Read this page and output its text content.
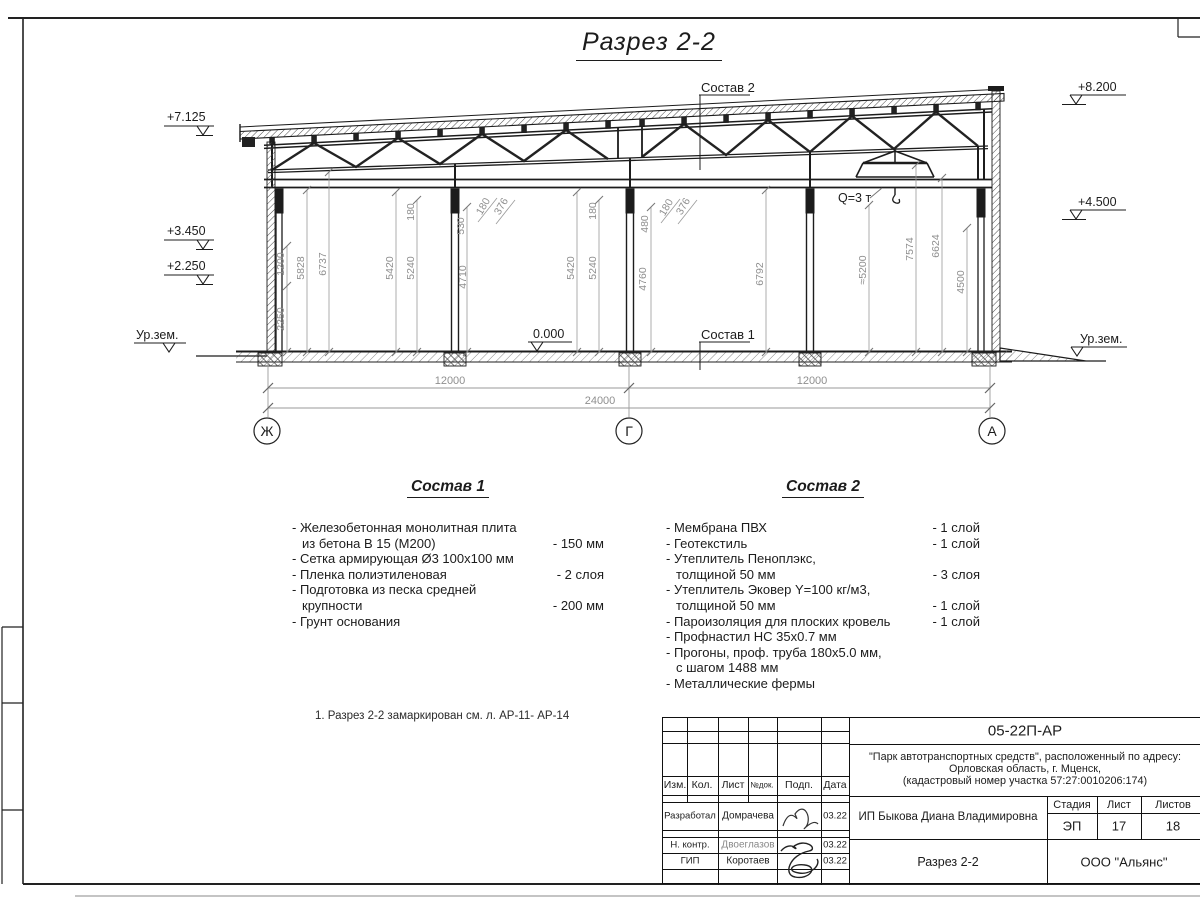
1200
2250
5828 6737	5420 5240
180
530
180
376
4710
180
5420 5240
480
180
376
4760	6792	≈5200
7574 6624
4500
12000	12000
24000
Ж	Г	А
Разрез 2-2
+7.125
+3.450
+2.250
Ур.зем.	0.000
+8.200
+4.500
Ур.зем.
Состав 2
Состав 1
Q=3 т
Состав 1
- Железобетонная монолитная плита
из бетона В 15 (М200)	- 150 мм
- Сетка армирующая Ø3 100х100 мм
- Пленка полиэтиленовая	- 2 слоя
- Подготовка из песка средней
крупности	- 200 мм
- Грунт основания
Состав 2
- Мембрана ПВХ	- 1 слой
- Геотекстиль	- 1 слой
- Утеплитель Пеноплэкс,
толщиной 50 мм	- 3 слоя
- Утеплитель Эковер Y=100 кг/м3,
толщиной 50 мм	- 1 слой
- Пароизоляция для плоских кровель	- 1 слой
- Профнастил НС 35х0.7 мм
- Прогоны, проф. труба 180х5.0 мм,
с шагом 1488 мм
- Металлические фермы
1. Разрез 2-2 замаркирован см. л. АР-11- АР-14
Изм. Кол. Лист №док. Подп. Дата
Разработал Домрачева	03.22
Н. контр. Двоеглазов	03.22
ГИП	Коротаев	03.22
05-22П-АР
"Парк автотранспортных средств", расположенный по адресу:
Орловская область, г. Мценск,
(кадастровый номер участка 57:27:0010206:174)
ИП Быкова Диана Владимировна
Стадия Лист Листов
ЭП 17	18
Разрез 2-2	ООО "Альянс"
